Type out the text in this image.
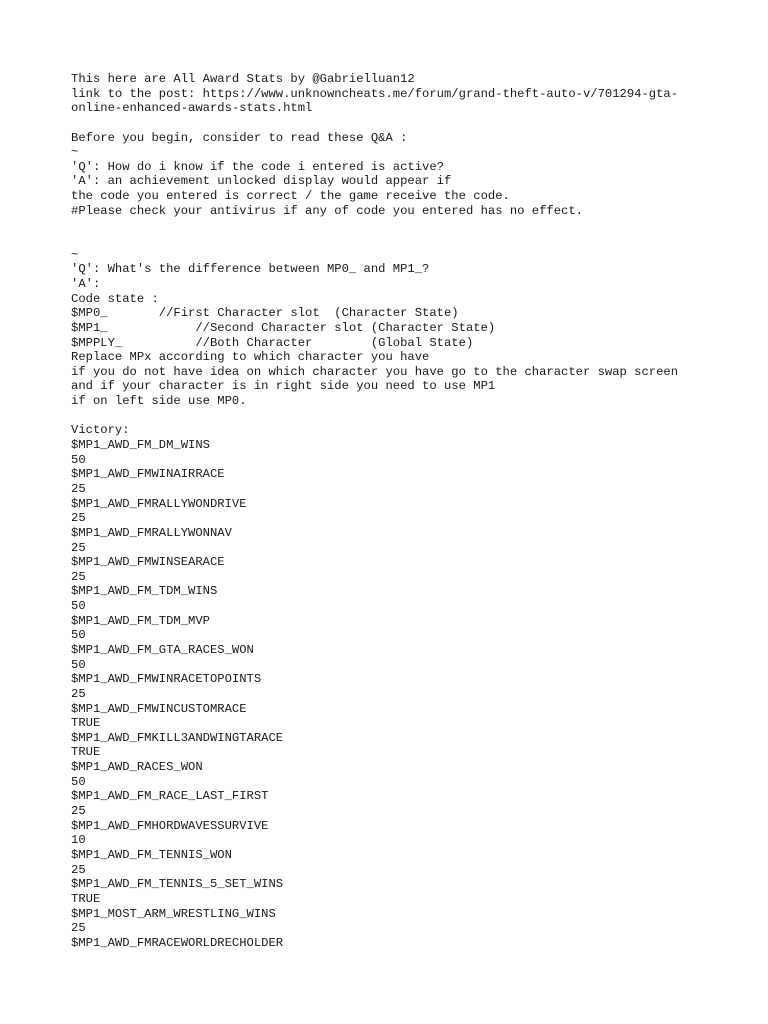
This here are All Award Stats by @Gabrielluan12
link to the post: https://www.unknowncheats.me/forum/grand-theft-auto-v/701294-gta-
online-enhanced-awards-stats.html
Before you begin, consider to read these Q&A :
~
'Q': How do i know if the code i entered is active?
'A': an achievement unlocked display would appear if
the code you entered is correct / the game receive the code.
#Please check your antivirus if any of code you entered has no effect.
~
'Q': What's the difference between MP0_ and MP1_?
'A':
Code state :
$MP0_       //First Character slot  (Character State)
$MP1_            //Second Character slot (Character State)
$MPPLY_          //Both Character        (Global State)
Replace MPx according to which character you have
if you do not have idea on which character you have go to the character swap screen
and if your character is in right side you need to use MP1
if on left side use MP0.
Victory:
$MP1_AWD_FM_DM_WINS
50
$MP1_AWD_FMWINAIRRACE
25
$MP1_AWD_FMRALLYWONDRIVE
25
$MP1_AWD_FMRALLYWONNAV
25
$MP1_AWD_FMWINSEARACE
25
$MP1_AWD_FM_TDM_WINS
50
$MP1_AWD_FM_TDM_MVP
50
$MP1_AWD_FM_GTA_RACES_WON
50
$MP1_AWD_FMWINRACETOPOINTS
25
$MP1_AWD_FMWINCUSTOMRACE
TRUE
$MP1_AWD_FMKILL3ANDWINGTARACE
TRUE
$MP1_AWD_RACES_WON
50
$MP1_AWD_FM_RACE_LAST_FIRST
25
$MP1_AWD_FMHORDWAVESSURVIVE
10
$MP1_AWD_FM_TENNIS_WON
25
$MP1_AWD_FM_TENNIS_5_SET_WINS
TRUE
$MP1_MOST_ARM_WRESTLING_WINS
25
$MP1_AWD_FMRACEWORLDRECHOLDER
